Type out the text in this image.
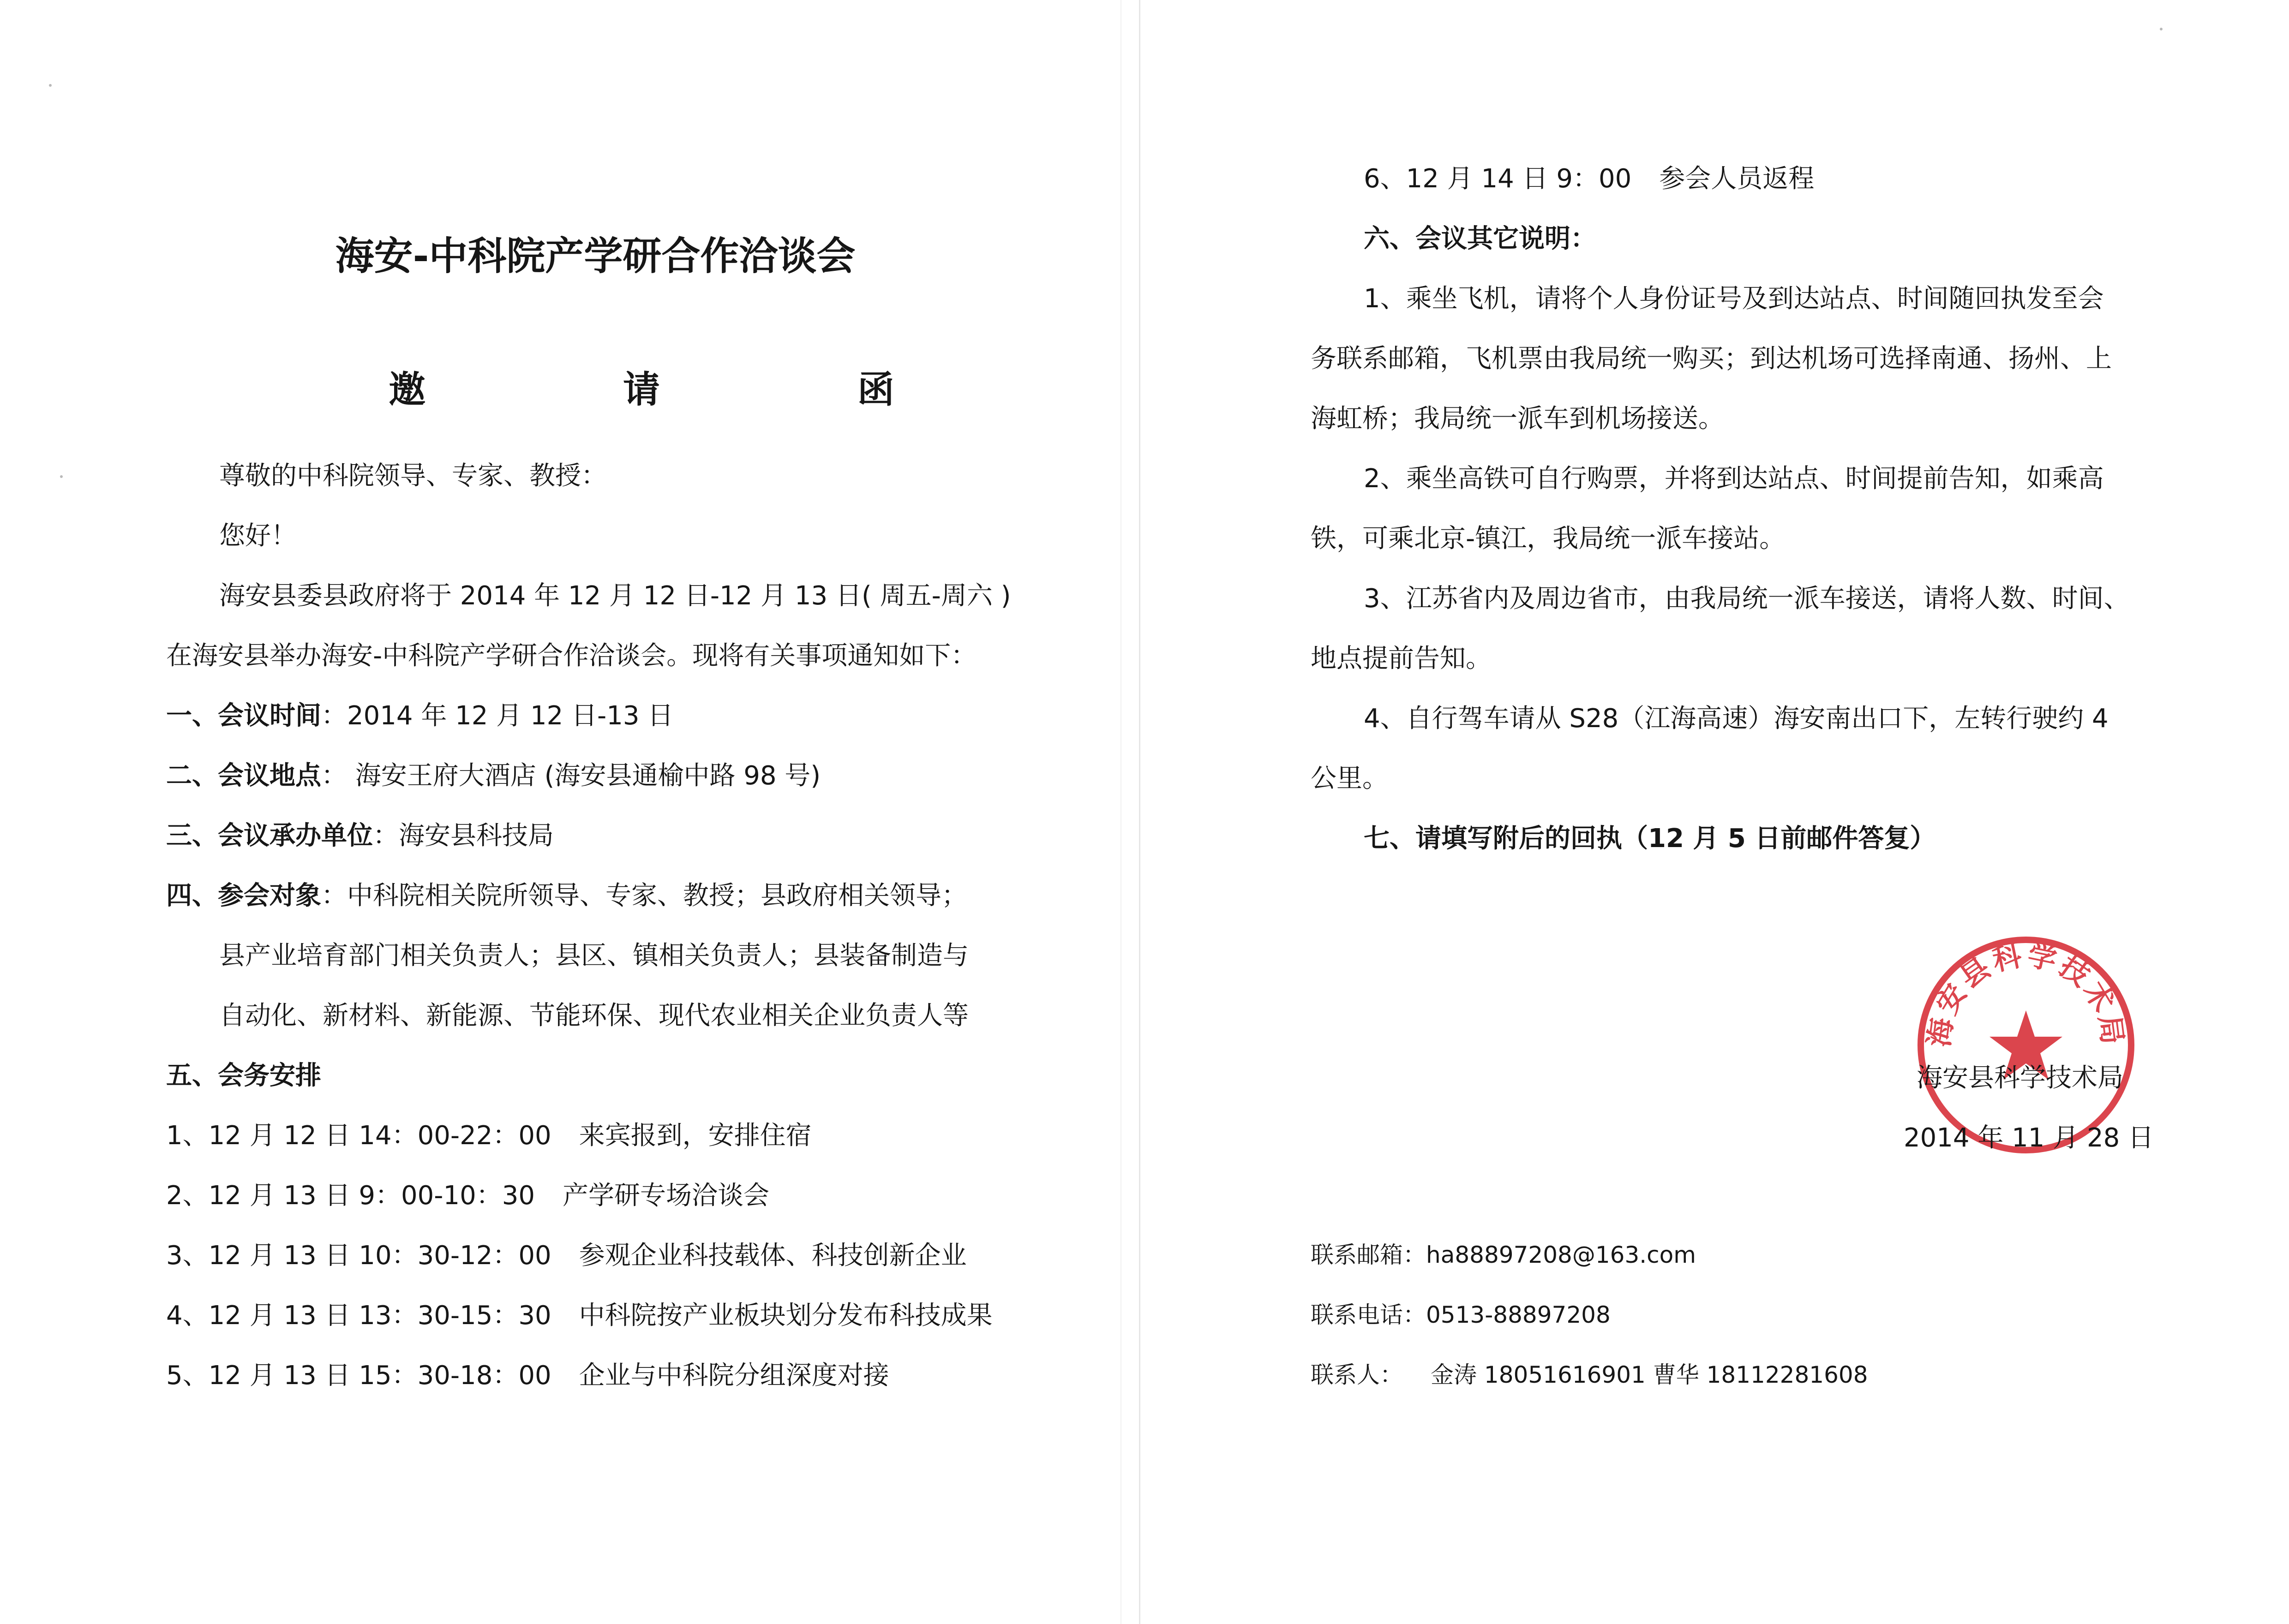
海安-中科院产学研合作洽谈会
邀 请 函
尊敬的中科院领导、专家、教授：
您好！
海安县委县政府将于 2014 年 12 月 12 日-12 月 13 日( 周五-周六 )
在海安县举办海安-中科院产学研合作洽谈会。现将有关事项通知如下：
一、会议时间：2014 年 12 月 12 日-13 日
二、会议地点： 海安王府大酒店 (海安县通榆中路 98 号)
三、会议承办单位：海安县科技局
四、参会对象：中科院相关院所领导、专家、教授；县政府相关领导；
县产业培育部门相关负责人；县区、镇相关负责人；县装备制造与
自动化、新材料、新能源、节能环保、现代农业相关企业负责人等
五、会务安排
1、12 月 12 日 14：00-22：00 来宾报到，安排住宿
2、12 月 13 日 9：00-10：30 产学研专场洽谈会
3、12 月 13 日 10：30-12：00 参观企业科技载体、科技创新企业
4、12 月 13 日 13：30-15：30 中科院按产业板块划分发布科技成果
5、12 月 13 日 15：30-18：00 企业与中科院分组深度对接
6、12 月 14 日 9：00 参会人员返程
六、会议其它说明：
1、乘坐飞机，请将个人身份证号及到达站点、时间随回执发至会
务联系邮箱，飞机票由我局统一购买；到达机场可选择南通、扬州、上
海虹桥；我局统一派车到机场接送。
2、乘坐高铁可自行购票，并将到达站点、时间提前告知，如乘高
铁，可乘北京-镇江，我局统一派车接站。
3、江苏省内及周边省市，由我局统一派车接送，请将人数、时间、
地点提前告知。
4、自行驾车请从 S28（江海高速）海安南出口下，左转行驶约 4
公里。
七、请填写附后的回执（12 月 5 日前邮件答复）
联系邮箱：ha88897208@163.com
联系电话：0513-88897208
联系人： 金涛 18051616901 曹华 18112281608
海安县科学技术局
海安县科学技术局
2014 年 11 月 28 日
